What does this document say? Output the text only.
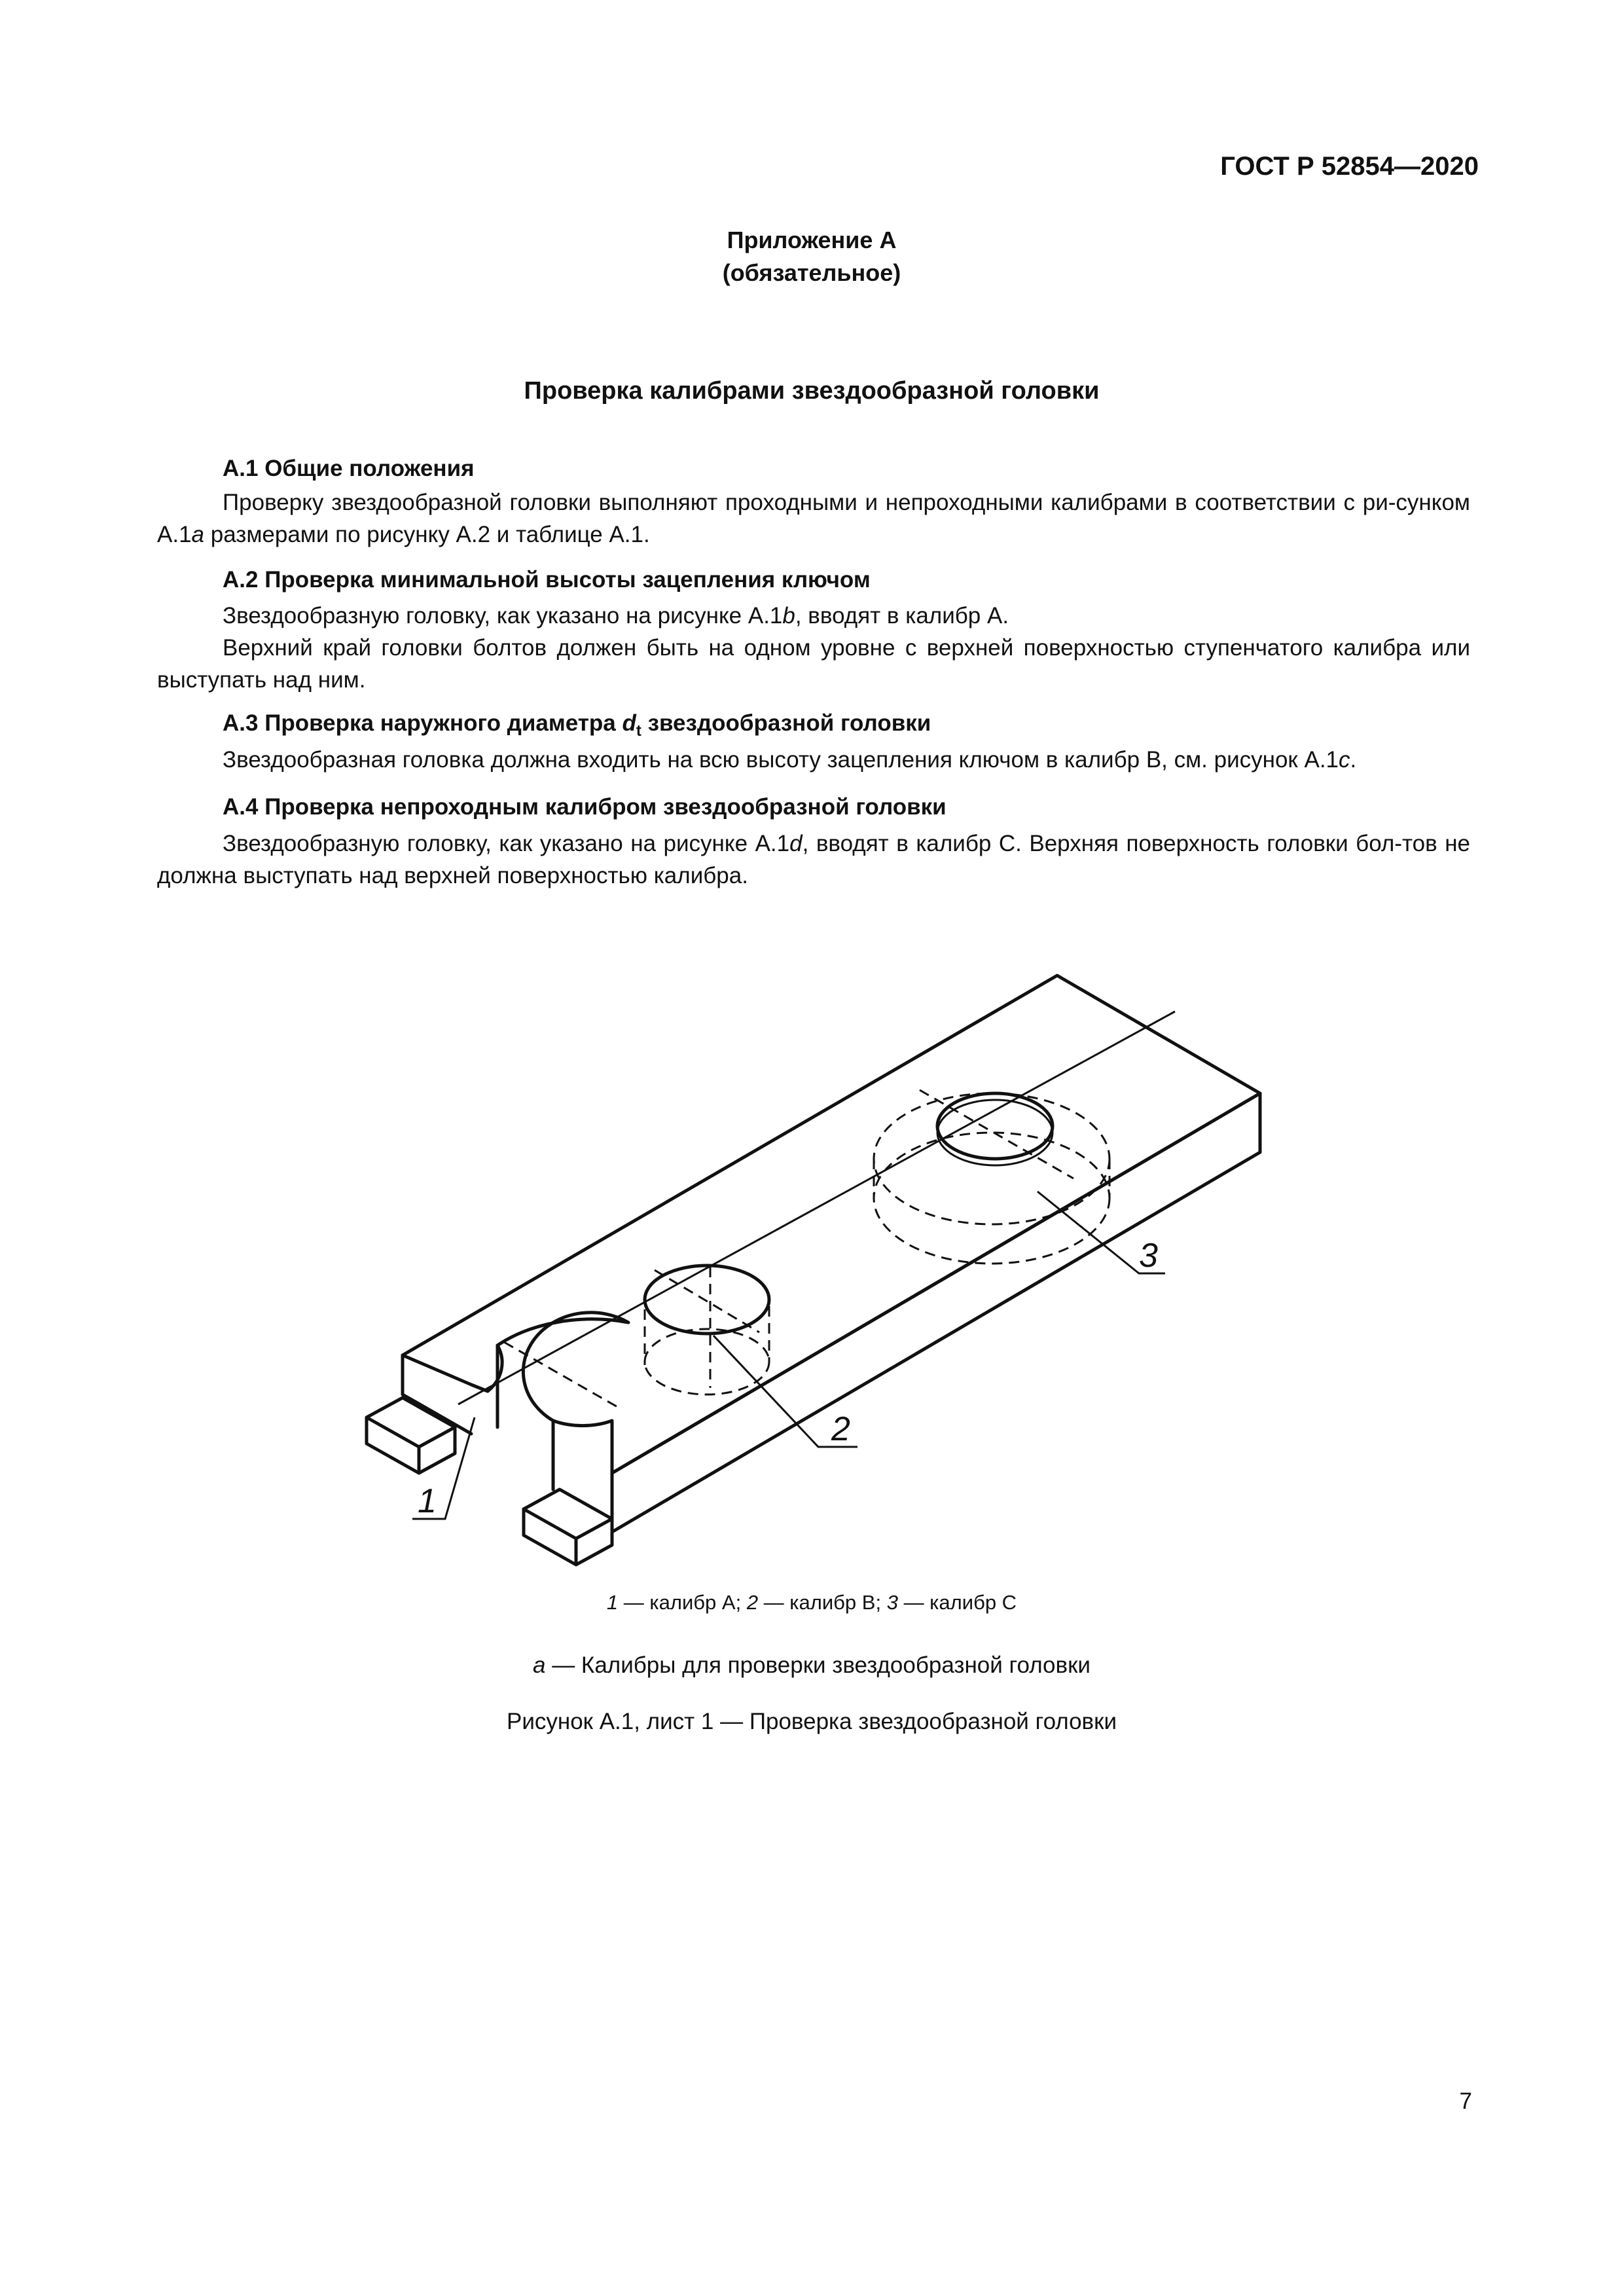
ГОСТ Р 52854—2020
Приложение А
(обязательное)
Проверка калибрами звездообразной головки
А.1 Общие положения
Проверку звездообразной головки выполняют проходными и непроходными калибрами в соответствии с ри-сунком А.1a размерами по рисунку А.2 и таблице А.1.
А.2 Проверка минимальной высоты зацепления ключом
Звездообразную головку, как указано на рисунке А.1b, вводят в калибр А.
Верхний край головки болтов должен быть на одном уровне с верхней поверхностью ступенчатого калибра или выступать над ним.
А.3 Проверка наружного диаметра $d_t$ звездообразной головки
Звездообразная головка должна входить на всю высоту зацепления ключом в калибр В, см. рисунок А.1c.
А.4 Проверка непроходным калибром звездообразной головки
Звездообразную головку, как указано на рисунке А.1d, вводят в калибр С. Верхняя поверхность головки бол-тов не должна выступать над верхней поверхностью калибра.
1
2
3
1 — калибр А; 2 — калибр В; 3 — калибр С
а — Калибры для проверки звездообразной головки
Рисунок А.1, лист 1 — Проверка звездообразной головки
7
